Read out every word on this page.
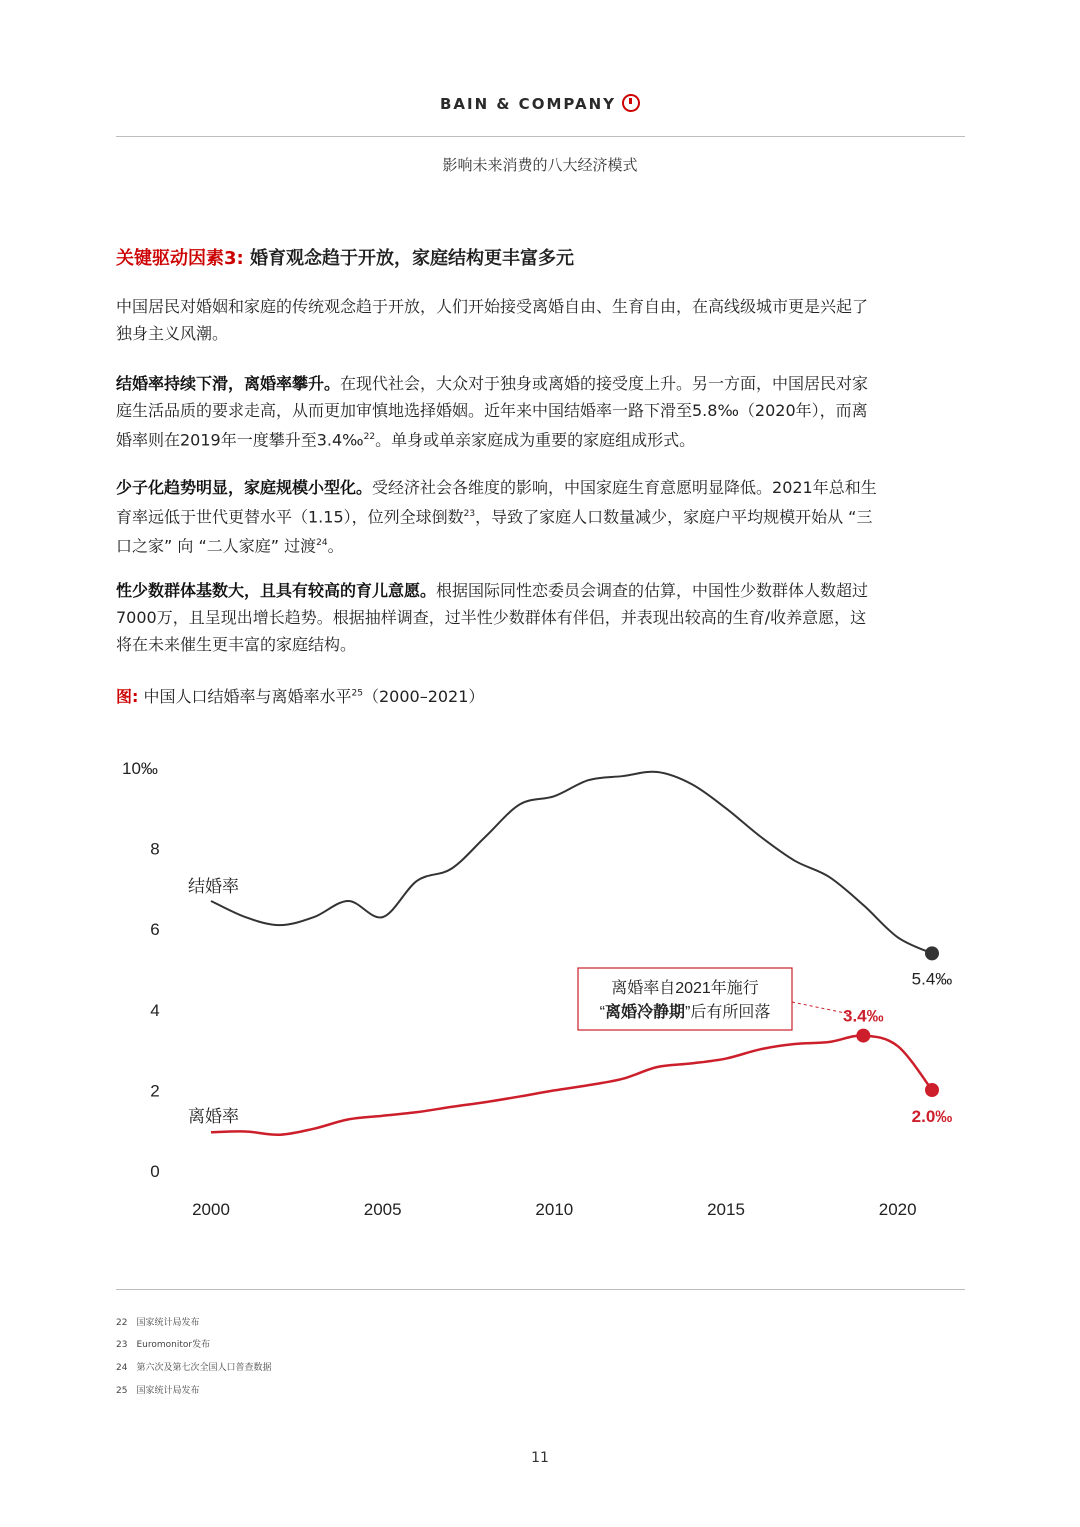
BAIN & COMPANY
影响未来消费的八大经济模式
关键驱动因素3: 婚育观念趋于开放，家庭结构更丰富多元
中国居民对婚姻和家庭的传统观念趋于开放，人们开始接受离婚自由、生育自由，在高线级城市更是兴起了
独身主义风潮。
结婚率持续下滑，离婚率攀升。在现代社会，大众对于独身或离婚的接受度上升。另一方面，中国居民对家
庭生活品质的要求走高，从而更加审慎地选择婚姻。近年来中国结婚率一路下滑至5.8‰（2020年），而离
婚率则在2019年一度攀升至3.4‰$^{22}$。单身或单亲家庭成为重要的家庭组成形式。
少子化趋势明显，家庭规模小型化。受经济社会各维度的影响，中国家庭生育意愿明显降低。2021年总和生
育率远低于世代更替水平（1.15），位列全球倒数$^{23}$，导致了家庭人口数量减少，家庭户平均规模开始从 “三
口之家” 向 “二人家庭” 过渡$^{24}$。
性少数群体基数大，且具有较高的育儿意愿。根据国际同性恋委员会调查的估算，中国性少数群体人数超过
7000万，且呈现出增长趋势。根据抽样调查，过半性少数群体有伴侣，并表现出较高的生育/收养意愿，这
将在未来催生更丰富的家庭结构。
图: 中国人口结婚率与离婚率水平$^{25}$（2000–2021）
0
2
4
6
8
10‰
2000	2005	2010	2015	2020
结婚率
离婚率
5.4‰
3.4‰
2.0‰
离婚率自2021年施行
“离婚冷静期”后有所回落
22　国家统计局发布
23　Euromonitor发布
24　第六次及第七次全国人口普查数据
25　国家统计局发布
11
